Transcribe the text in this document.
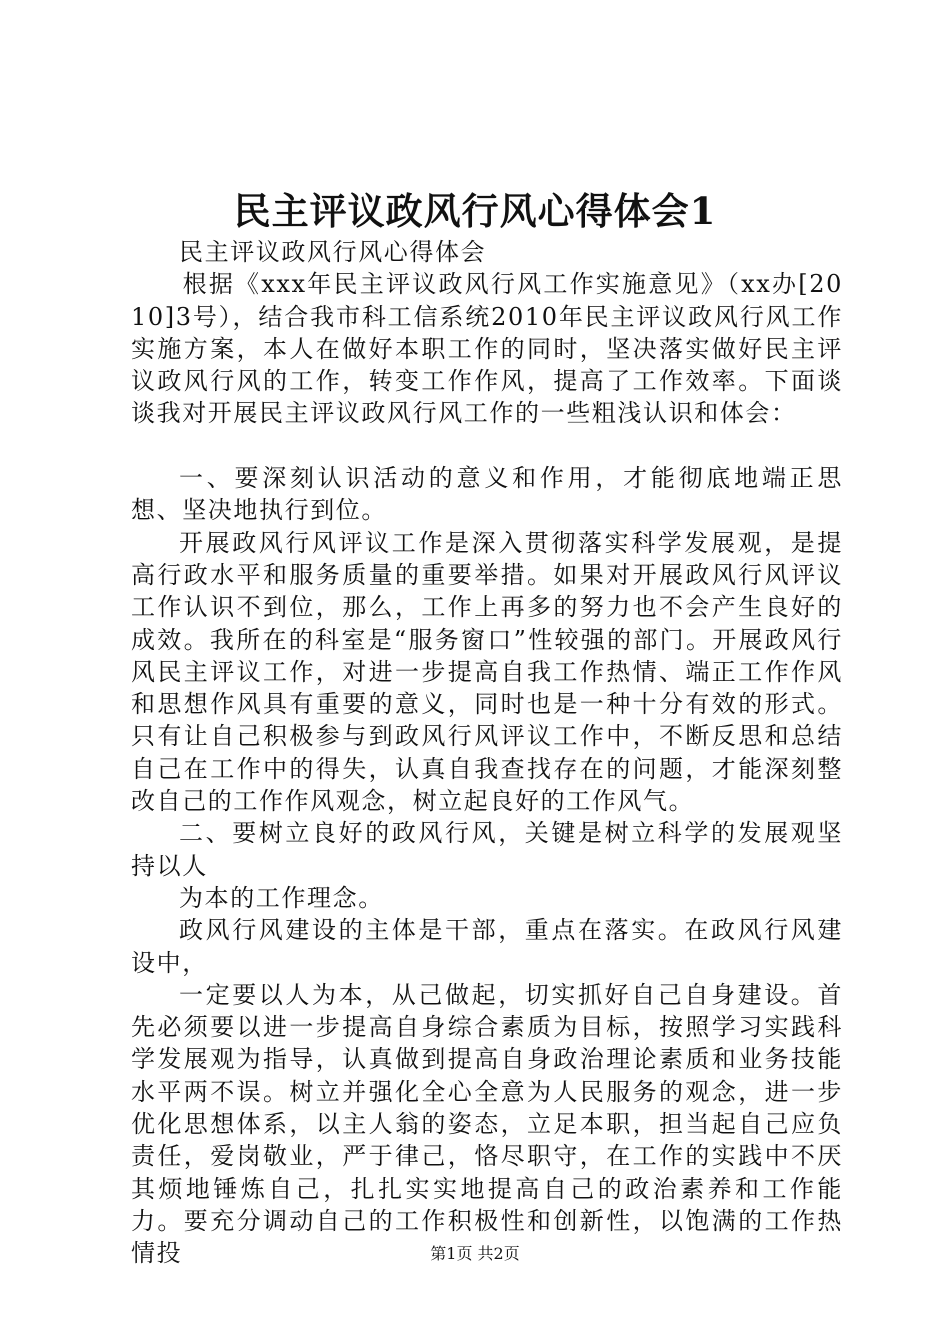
民主评议政风行风心得体会1

民主评议政风行风心得体会

根据《xxx年民主评议政风行风工作实施意见》（xx办[2010]3号），结合我市科工信系统2010年民主评议政风行风工作实施方案，本人在做好本职工作的同时，坚决落实做好民主评议政风行风的工作，转变工作作风，提高了工作效率。下面谈谈我对开展民主评议政风行风工作的一些粗浅认识和体会：

一、要深刻认识活动的意义和作用，才能彻底地端正思想、坚决地执行到位。

开展政风行风评议工作是深入贯彻落实科学发展观，是提高行政水平和服务质量的重要举措。如果对开展政风行风评议工作认识不到位，那么，工作上再多的努力也不会产生良好的成效。我所在的科室是“服务窗口”性较强的部门。开展政风行风民主评议工作，对进一步提高自我工作热情、端正工作作风和思想作风具有重要的意义，同时也是一种十分有效的形式。只有让自己积极参与到政风行风评议工作中，不断反思和总结自己在工作中的得失，认真自我查找存在的问题，才能深刻整改自己的工作作风观念，树立起良好的工作风气。

二、要树立良好的政风行风，关键是树立科学的发展观坚持以人

为本的工作理念。

政风行风建设的主体是干部，重点在落实。在政风行风建设中，

一定要以人为本，从己做起，切实抓好自己自身建设。首先必须要以进一步提高自身综合素质为目标，按照学习实践科学发展观为指导，认真做到提高自身政治理论素质和业务技能水平两不误。树立并强化全心全意为人民服务的观念，进一步优化思想体系，以主人翁的姿态，立足本职，担当起自己应负责任，爱岗敬业，严于律己，恪尽职守，在工作的实践中不厌其烦地锤炼自己，扎扎实实地提高自己的政治素养和工作能力。要充分调动自己的工作积极性和创新性，以饱满的工作热情投	第1页 共2页
